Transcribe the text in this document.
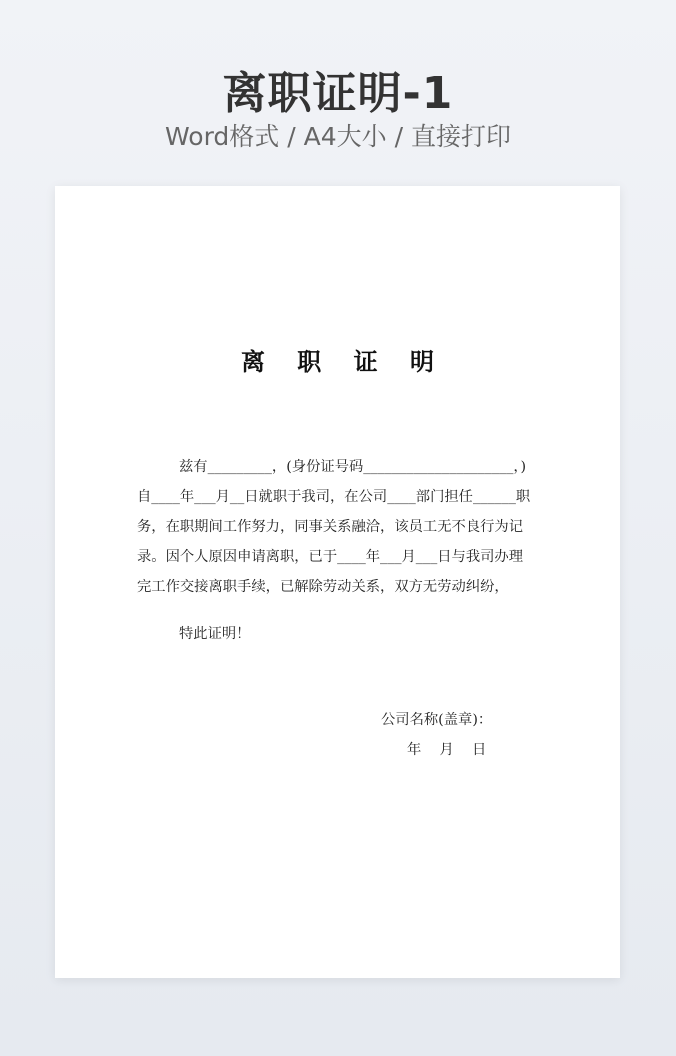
离职证明-1
Word格式 / A4大小 / 直接打印
离 职 证 明
兹有_________，(身份证号码_____________________，)
自____年___月__日就职于我司，在公司____部门担任______职
务，在职期间工作努力，同事关系融洽，该员工无不良行为记
录。因个人原因申请离职，已于____年___月___日与我司办理
完工作交接离职手续，已解除劳动关系，双方无劳动纠纷，
特此证明！
公司名称(盖章)：
年    月    日
